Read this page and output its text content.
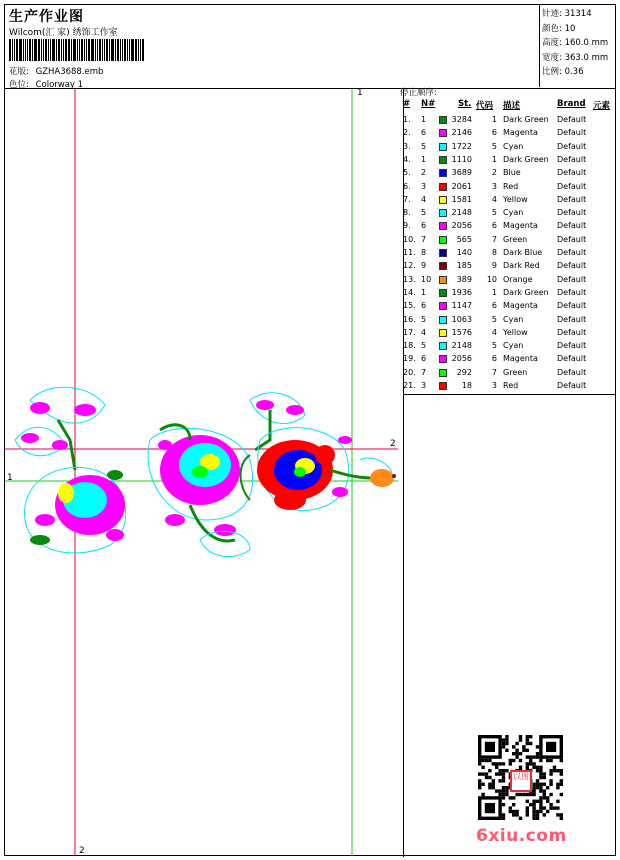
生产作业图
Wilcom(汇 家) 绣饰工作室
花版: GZHA3688.emb
色位: Colorway 1
针迹: 31314
颜色: 10
高度: 160.0 mm
宽度: 363.0 mm
比例: 0.36
停止顺序:
# N#	St. 代码 描述	Brand 元素
1. 1	3284 1 Dark Green Default
2. 6	2146 6 Magenta Default
3. 5	1722 5 Cyan	Default
4. 1	1110 1 Dark Green Default
5. 2	3689 2 Blue	Default
6. 3	2061 3 Red	Default
7. 4	1581 4 Yellow	Default
8. 5	2148 5 Cyan	Default
9. 6	2056 6 Magenta Default
10. 7	565 7 Green	Default
11. 8	140 8 Dark Blue Default
12. 9	185 9 Dark Red Default
13. 10	389 10 Orange	Default
14. 1	1936 1 Dark Green Default
15. 6	1147 6 Magenta Default
16. 5	1063 5 Cyan	Default
17. 4	1576 4 Yellow	Default
18. 5	2148 5 Cyan	Default
19. 6	2056 6 Magenta Default
20. 7	292 7 Green	Default
21. 3	18 3 Red	Default
1
2
1
2
以图
6xiu.com
